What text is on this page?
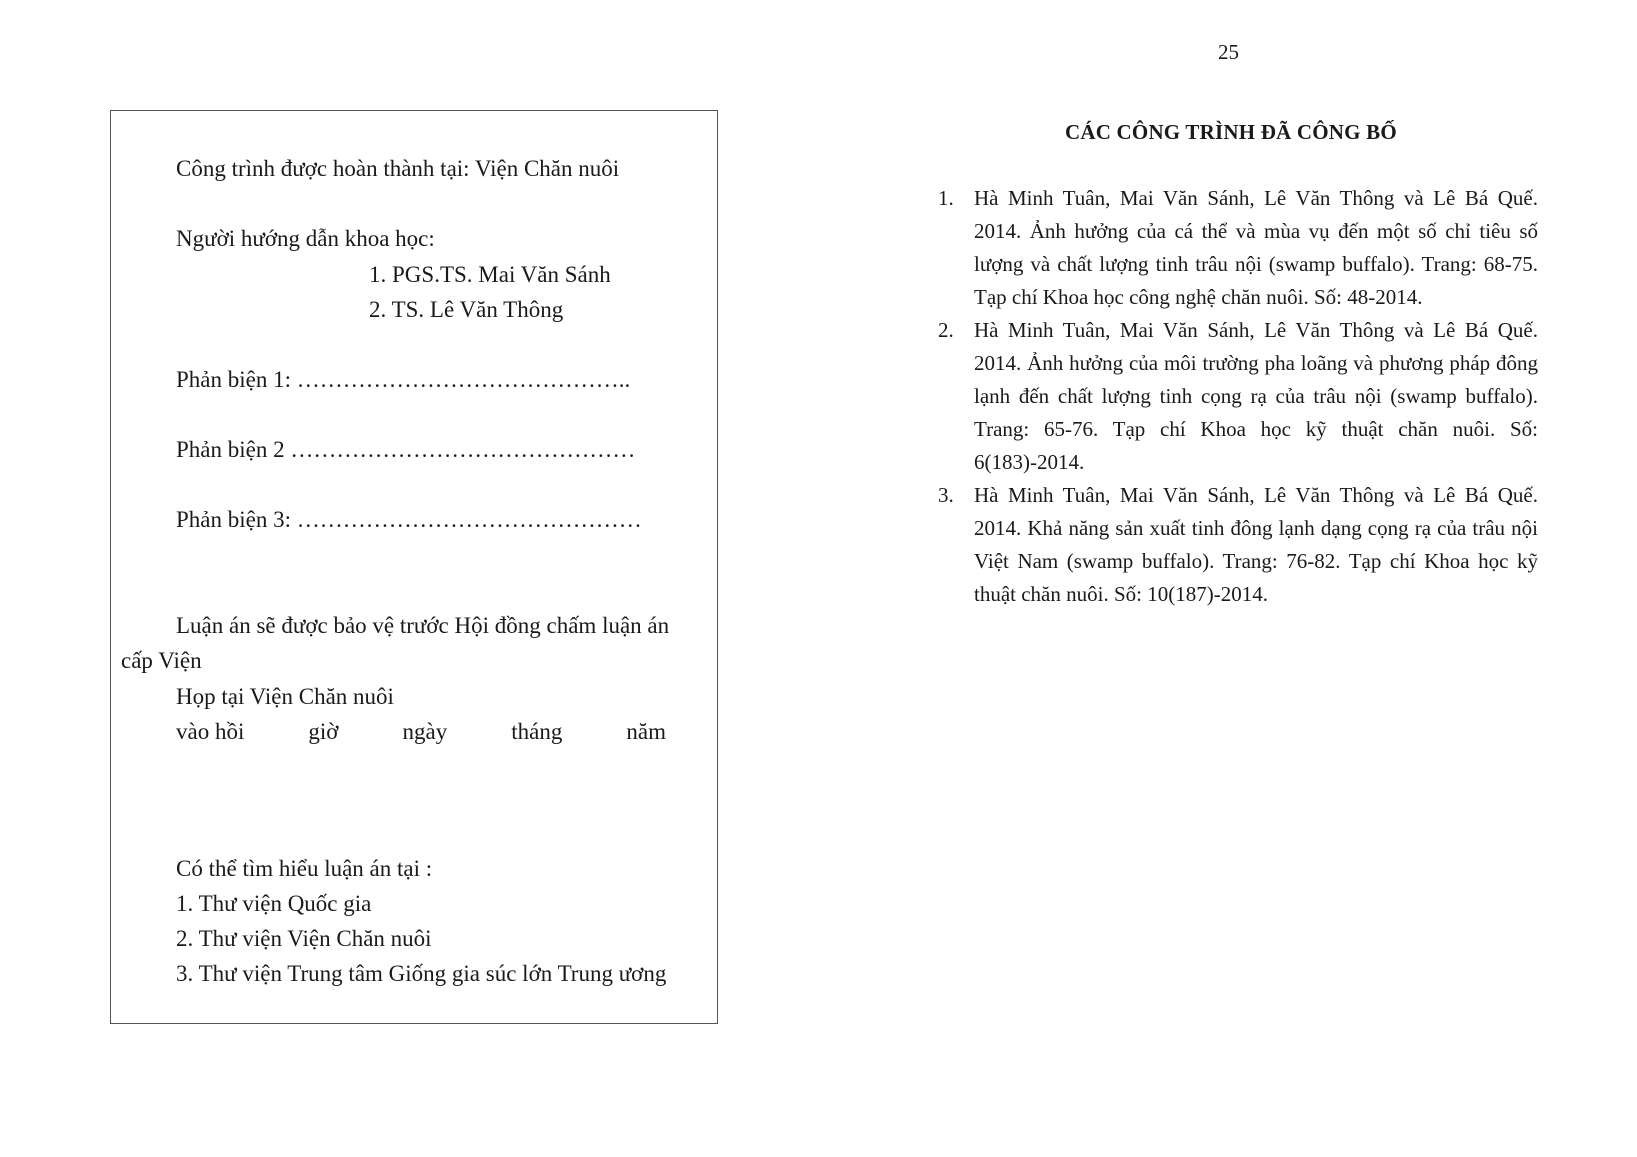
25
Công trình được hoàn thành tại: Viện Chăn nuôi
Người hướng dẫn khoa học:
1. PGS.TS. Mai Văn Sánh
2. TS. Lê Văn Thông
Phản biện 1: ……………………………………..
Phản biện 2 ………………………………………
Phản biện 3: ………………………………………
Luận án sẽ được bảo vệ trước Hội đồng chấm luận án
cấp Viện
Họp tại Viện Chăn nuôi
vào hồi	giờ	ngày	tháng	năm
Có thể tìm hiểu luận án tại :
1. Thư viện Quốc gia
2. Thư viện Viện Chăn nuôi
3. Thư viện Trung tâm Giống gia súc lớn Trung ương
CÁC CÔNG TRÌNH ĐÃ CÔNG BỐ
1. Hà Minh Tuân, Mai Văn Sánh, Lê Văn Thông và Lê Bá Quế. 2014. Ảnh hưởng của cá thể và mùa vụ đến một số chỉ tiêu số lượng và chất lượng tinh trâu nội (swamp buffalo). Trang: 68-75. Tạp chí Khoa học công nghệ chăn nuôi. Số: 48-2014.
2. Hà Minh Tuân, Mai Văn Sánh, Lê Văn Thông và Lê Bá Quế. 2014. Ảnh hưởng của môi trường pha loãng và phương pháp đông lạnh đến chất lượng tinh cọng rạ của trâu nội (swamp buffalo). Trang: 65-76. Tạp chí Khoa học kỹ thuật chăn nuôi. Số: 6(183)-2014.
3. Hà Minh Tuân, Mai Văn Sánh, Lê Văn Thông và Lê Bá Quế. 2014. Khả năng sản xuất tinh đông lạnh dạng cọng rạ của trâu nội Việt Nam (swamp buffalo). Trang: 76-82. Tạp chí Khoa học kỹ thuật chăn nuôi. Số: 10(187)-2014.
